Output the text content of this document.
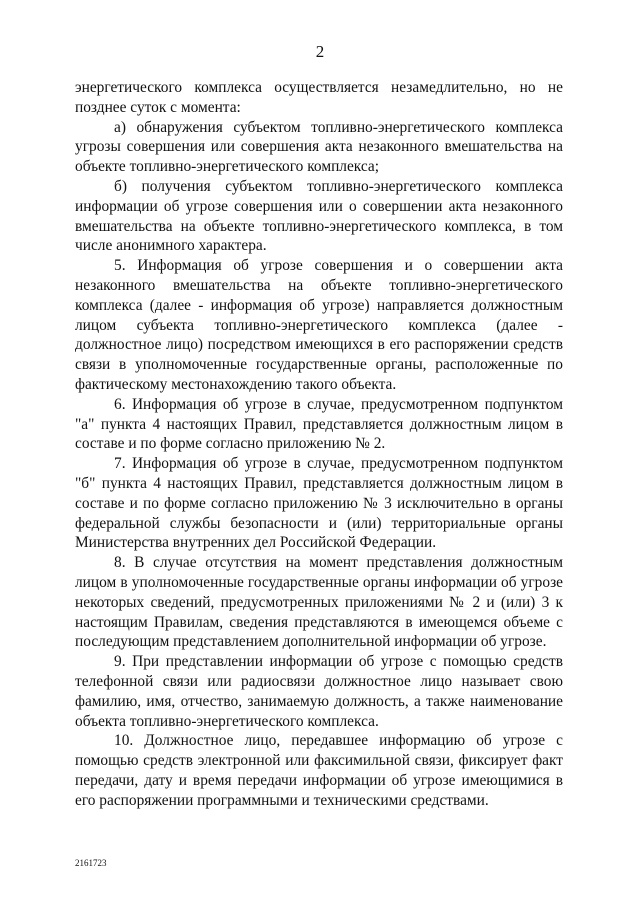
2

энергетического комплекса осуществляется незамедлительно, но не позднее суток с момента:

а) обнаружения субъектом топливно-энергетического комплекса угрозы совершения или совершения акта незаконного вмешательства на объекте топливно-энергетического комплекса;

б) получения субъектом топливно-энергетического комплекса информации об угрозе совершения или о совершении акта незаконного вмешательства на объекте топливно-энергетического комплекса, в том числе анонимного характера.

5. Информация об угрозе совершения и о совершении акта незаконного вмешательства на объекте топливно-энергетического комплекса (далее - информация об угрозе) направляется должностным лицом субъекта топливно-энергетического комплекса (далее - должностное лицо) посредством имеющихся в его распоряжении средств связи в уполномоченные государственные органы, расположенные по фактическому местонахождению такого объекта.

6. Информация об угрозе в случае, предусмотренном подпунктом "а" пункта 4 настоящих Правил, представляется должностным лицом в составе и по форме согласно приложению № 2.

7. Информация об угрозе в случае, предусмотренном подпунктом "б" пункта 4 настоящих Правил, представляется должностным лицом в составе и по форме согласно приложению № 3 исключительно в органы федеральной службы безопасности и (или) территориальные органы Министерства внутренних дел Российской Федерации.

8. В случае отсутствия на момент представления должностным лицом в уполномоченные государственные органы информации об угрозе некоторых сведений, предусмотренных приложениями № 2 и (или) 3 к настоящим Правилам, сведения представляются в имеющемся объеме с последующим представлением дополнительной информации об угрозе.

9. При представлении информации об угрозе с помощью средств телефонной связи или радиосвязи должностное лицо называет свою фамилию, имя, отчество, занимаемую должность, а также наименование объекта топливно-энергетического комплекса.

10. Должностное лицо, передавшее информацию об угрозе с помощью средств электронной или факсимильной связи, фиксирует факт передачи, дату и время передачи информации об угрозе имеющимися в его распоряжении программными и техническими средствами.

2161723
